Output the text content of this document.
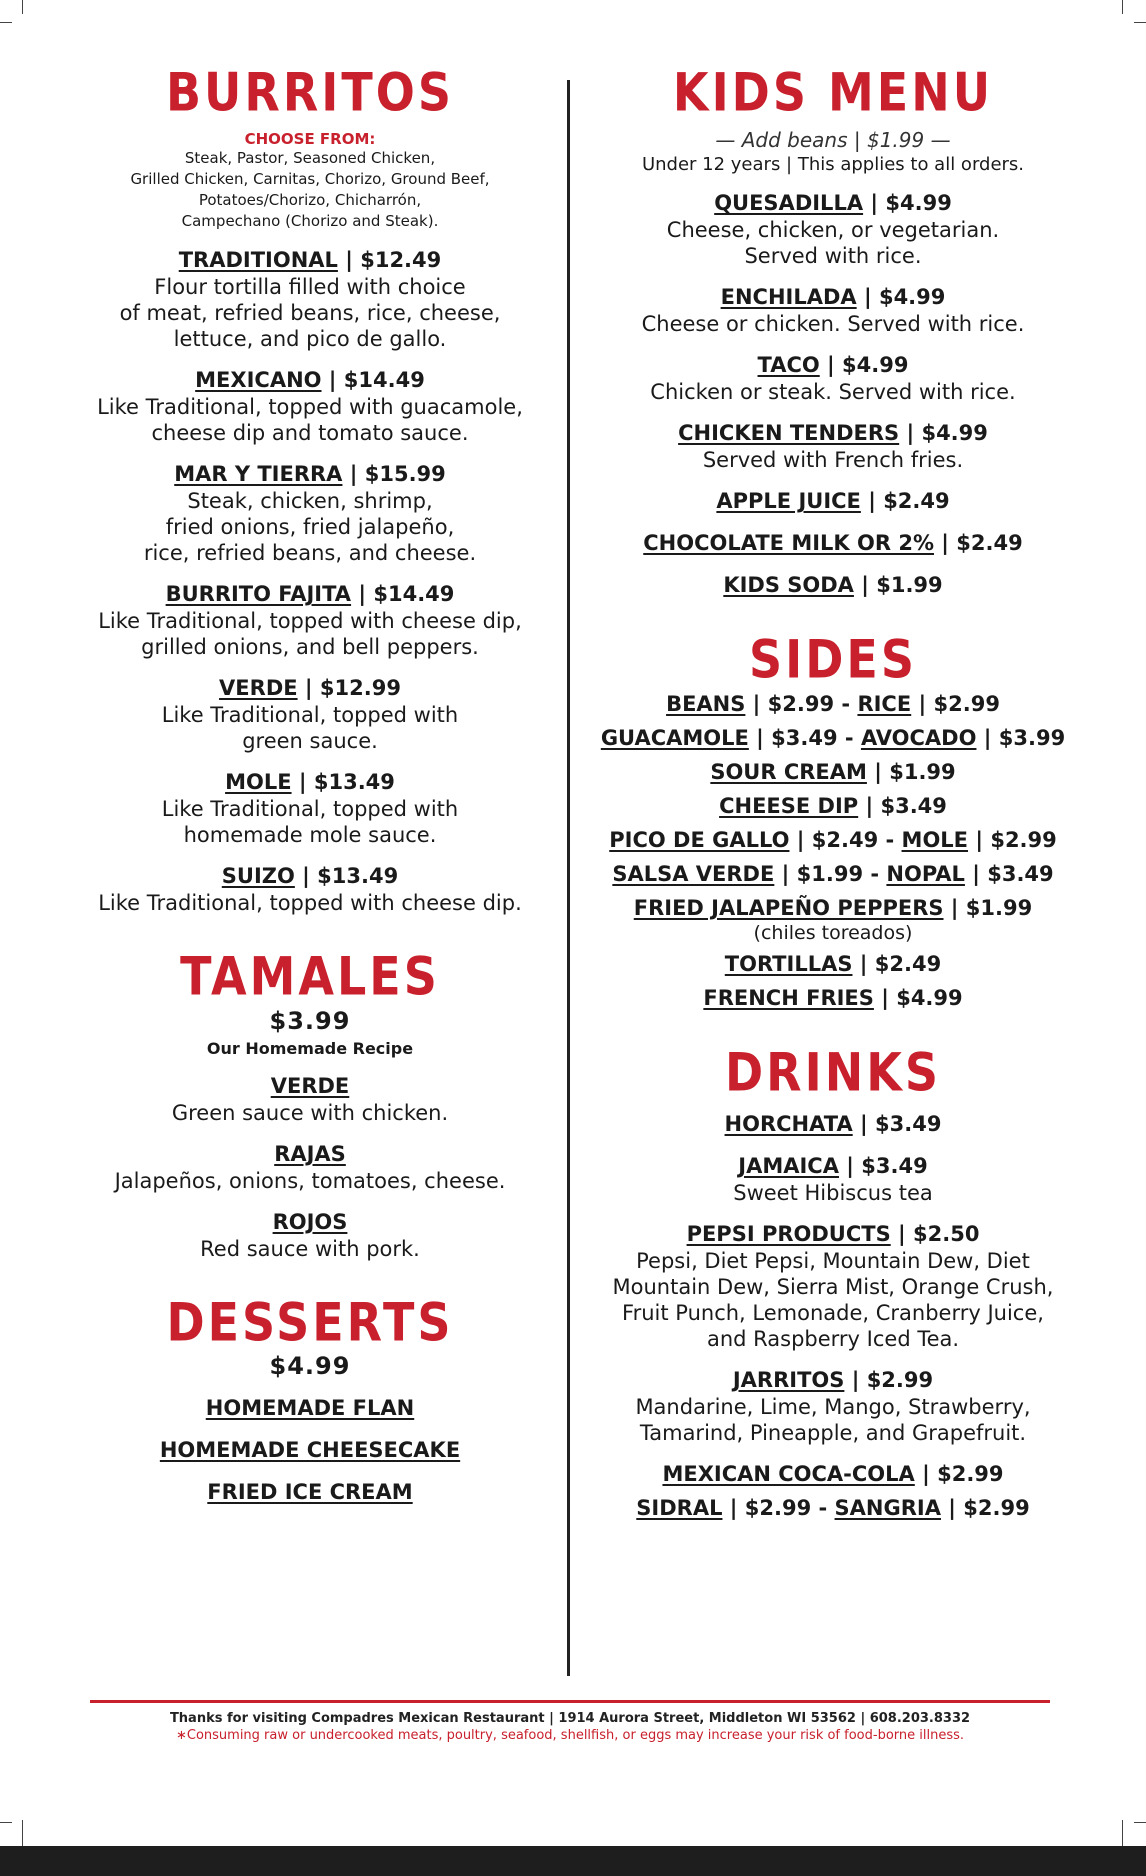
BURRITOS
CHOOSE FROM:
Steak, Pastor, Seasoned Chicken,
Grilled Chicken, Carnitas, Chorizo, Ground Beef,
Potatoes/Chorizo, Chicharrón,
Campechano (Chorizo and Steak).
TRADITIONAL | $12.49
Flour tortilla filled with choice
of meat, refried beans, rice, cheese,
lettuce, and pico de gallo.
MEXICANO | $14.49
Like Traditional, topped with guacamole,
cheese dip and tomato sauce.
MAR Y TIERRA | $15.99
Steak, chicken, shrimp,
fried onions, fried jalapeño,
rice, refried beans, and cheese.
BURRITO FAJITA | $14.49
Like Traditional, topped with cheese dip,
grilled onions, and bell peppers.
VERDE | $12.99
Like Traditional, topped with
green sauce.
MOLE | $13.49
Like Traditional, topped with
homemade mole sauce.
SUIZO | $13.49
Like Traditional, topped with cheese dip.
TAMALES
$3.99
Our Homemade Recipe
VERDE
Green sauce with chicken.
RAJAS
Jalapeños, onions, tomatoes, cheese.
ROJOS
Red sauce with pork.
DESSERTS
$4.99
HOMEMADE FLAN
HOMEMADE CHEESECAKE
FRIED ICE CREAM
KIDS MENU
— Add beans | $1.99 —
Under 12 years | This applies to all orders.
QUESADILLA | $4.99
Cheese, chicken, or vegetarian.
Served with rice.
ENCHILADA | $4.99
Cheese or chicken. Served with rice.
TACO | $4.99
Chicken or steak. Served with rice.
CHICKEN TENDERS | $4.99
Served with French fries.
APPLE JUICE | $2.49
CHOCOLATE MILK OR 2% | $2.49
KIDS SODA | $1.99
SIDES
BEANS | $2.99 - RICE | $2.99
GUACAMOLE | $3.49 - AVOCADO | $3.99
SOUR CREAM | $1.99
CHEESE DIP | $3.49
PICO DE GALLO | $2.49 - MOLE | $2.99
SALSA VERDE | $1.99 - NOPAL | $3.49
FRIED JALAPEÑO PEPPERS | $1.99
(chiles toreados)
TORTILLAS | $2.49
FRENCH FRIES | $4.99
DRINKS
HORCHATA | $3.49
JAMAICA | $3.49
Sweet Hibiscus tea
PEPSI PRODUCTS | $2.50
Pepsi, Diet Pepsi, Mountain Dew, Diet
Mountain Dew, Sierra Mist, Orange Crush,
Fruit Punch, Lemonade, Cranberry Juice,
and Raspberry Iced Tea.
JARRITOS | $2.99
Mandarine, Lime, Mango, Strawberry,
Tamarind, Pineapple, and Grapefruit.
MEXICAN COCA-COLA | $2.99
SIDRAL | $2.99 - SANGRIA | $2.99
Thanks for visiting Compadres Mexican Restaurant | 1914 Aurora Street, Middleton WI 53562 | 608.203.8332
∗Consuming raw or undercooked meats, poultry, seafood, shellfish, or eggs may increase your risk of food-borne illness.
